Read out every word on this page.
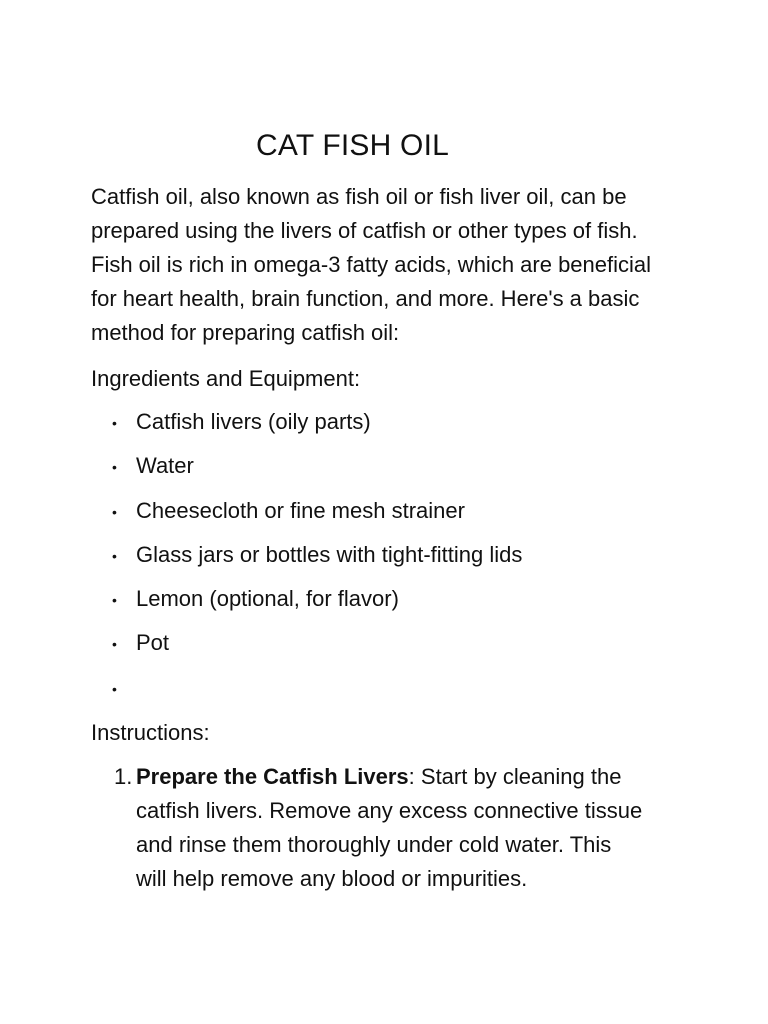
CAT FISH OIL

Catfish oil, also known as fish oil or fish liver oil, can be
prepared using the livers of catfish or other types of fish.
Fish oil is rich in omega-3 fatty acids, which are beneficial
for heart health, brain function, and more. Here's a basic
method for preparing catfish oil:

Ingredients and Equipment:
• Catfish livers (oily parts)
• Water
• Cheesecloth or fine mesh strainer
• Glass jars or bottles with tight-fitting lids
• Lemon (optional, for flavor)
• Pot
•
Instructions:
1. Prepare the Catfish Livers: Start by cleaning the
catfish livers. Remove any excess connective tissue
and rinse them thoroughly under cold water. This
will help remove any blood or impurities.
